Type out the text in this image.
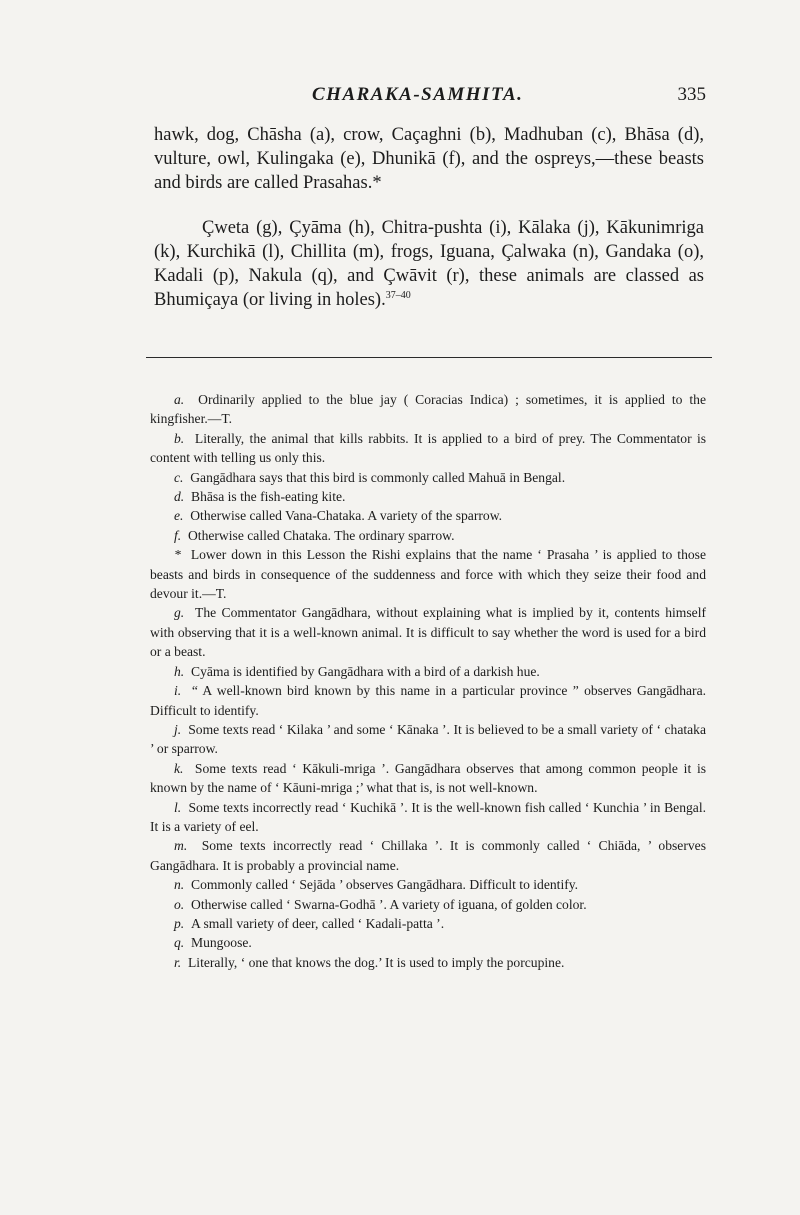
CHARAKA-SAMHITA.	335

hawk, dog, Chāsha (a), crow, Caçaghni (b), Madhuban (c), Bhāsa (d), vulture, owl, Kulingaka (e), Dhunikā (f), and the ospreys,—these beasts and birds are called Prasahas.*

Çweta (g), Çyāma (h), Chitra-pushta (i), Kālaka (j), Kākunimriga (k), Kurchikā (l), Chillita (m), frogs, Iguana, Çalwaka (n), Gandaka (o), Kadali (p), Nakula (q), and Çwāvit (r), these animals are classed as Bhumiçaya (or living in holes).$^{37-40}$

a. Ordinarily applied to the blue jay ( Coracias Indica) ; sometimes, it is applied to the kingfisher.—T.

b. Literally, the animal that kills rabbits. It is applied to a bird of prey. The Commentator is content with telling us only this.

c. Gangādhara says that this bird is commonly called Mahuā in Bengal.

d. Bhāsa is the fish-eating kite.

e. Otherwise called Vana-Chataka. A variety of the sparrow.

f. Otherwise called Chataka. The ordinary sparrow.

* Lower down in this Lesson the Rishi explains that the name ‘ Prasaha ’ is applied to those beasts and birds in consequence of the suddenness and force with which they seize their food and devour it.—T.

g. The Commentator Gangādhara, without explaining what is implied by it, contents himself with observing that it is a well-known animal. It is difficult to say whether the word is used for a bird or a beast.

h. Cyāma is identified by Gangādhara with a bird of a darkish hue.

i. “ A well-known bird known by this name in a particular province ” observes Gangādhara. Difficult to identify.

j. Some texts read ‘ Kilaka ’ and some ‘ Kānaka ’. It is believed to be a small variety of ‘ chataka ’ or sparrow.

k. Some texts read ‘ Kākuli-mriga ’. Gangādhara observes that among common people it is known by the name of ‘ Kāuni-mriga ;’ what that is, is not well-known.

l. Some texts incorrectly read ‘ Kuchikā ’. It is the well-known fish called ‘ Kunchia ’ in Bengal. It is a variety of eel.

m. Some texts incorrectly read ‘ Chillaka ’. It is commonly called ‘ Chiāda, ’ observes Gangādhara. It is probably a provincial name.

n. Commonly called ‘ Sejāda ’ observes Gangādhara. Difficult to identify.

o. Otherwise called ‘ Swarna-Godhā ’. A variety of iguana, of golden color.

p. A small variety of deer, called ‘ Kadali-patta ’.

q. Mungoose.

r. Literally, ‘ one that knows the dog.’ It is used to imply the porcupine.
